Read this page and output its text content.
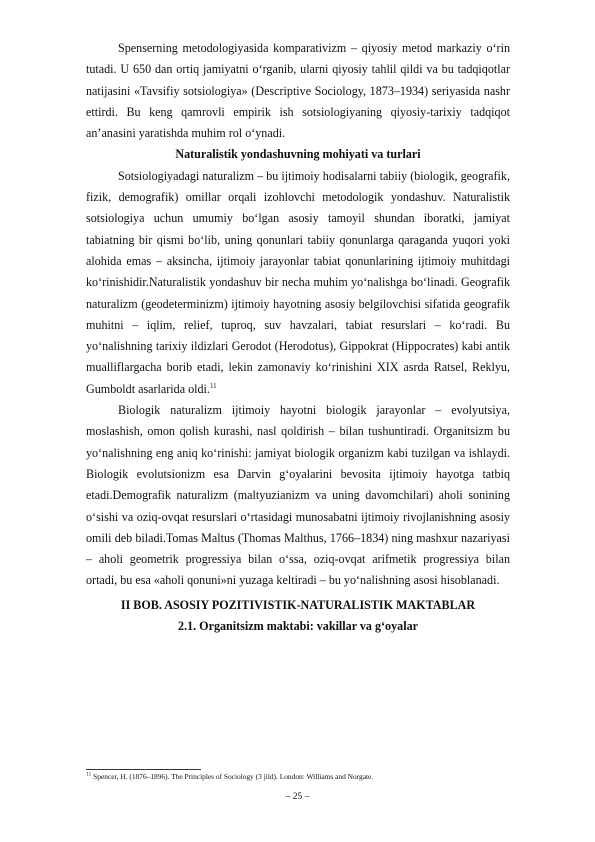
Spenserning metodologiyasida komparativizm – qiyosiy metod markaziy o‘rin tutadi. U 650 dan ortiq jamiyatni o‘rganib, ularni qiyosiy tahlil qildi va bu tadqiqotlar natijasini «Tavsifiy sotsiologiya» (Descriptive Sociology, 1873–1934) seriyasida nashr ettirdi. Bu keng qamrovli empirik ish sotsiologiyaning qiyosiy-tarixiy tadqiqot an’anasini yaratishda muhim rol o‘ynadi.

Naturalistik yondashuvning mohiyati va turlari

Sotsiologiyadagi naturalizm – bu ijtimoiy hodisalarni tabiiy (biologik, geografik, fizik, demografik) omillar orqali izohlovchi metodologik yondashuv. Naturalistik sotsiologiya uchun umumiy bo‘lgan asosiy tamoyil shundan iboratki, jamiyat tabiatning bir qismi bo‘lib, uning qonunlari tabiiy qonunlarga qaraganda yuqori yoki alohida emas – aksincha, ijtimoiy jarayonlar tabiat qonunlarining ijtimoiy muhitdagi ko‘rinishidir.Naturalistik yondashuv bir necha muhim yo‘nalishga bo‘linadi. Geografik naturalizm (geodeterminizm) ijtimoiy hayotning asosiy belgilovchisi sifatida geografik muhitni – iqlim, relief, tuproq, suv havzalari, tabiat resurslari – ko‘radi. Bu yo‘nalishning tarixiy ildizlari Gerodot (Herodotus), Gippokrat (Hippocrates) kabi antik mualliflargacha borib etadi, lekin zamonaviy ko‘rinishini XIX asrda Ratsel, Reklyu, Gumboldt asarlarida oldi.$^{11}$

Biologik naturalizm ijtimoiy hayotni biologik jarayonlar – evolyutsiya, moslashish, omon qolish kurashi, nasl qoldirish – bilan tushuntiradi. Organitsizm bu yo‘nalishning eng aniq ko‘rinishi: jamiyat biologik organizm kabi tuzilgan va ishlaydi. Biologik evolutsionizm esa Darvin g‘oyalarini bevosita ijtimoiy hayotga tatbiq etadi.Demografik naturalizm (maltyuzianizm va uning davomchilari) aholi sonining o‘sishi va oziq-ovqat resurslari o‘rtasidagi munosabatni ijtimoiy rivojlanishning asosiy omili deb biladi.Tomas Maltus (Thomas Malthus, 1766–1834) ning mashxur nazariyasi – aholi geometrik progressiya bilan o‘ssa, oziq-ovqat arifmetik progressiya bilan ortadi, bu esa «aholi qonuni»ni yuzaga keltiradi – bu yo‘nalishning asosi hisoblanadi.

II BOB. ASOSIY POZITIVISTIK-NATURALISTIK MAKTABLAR

2.1. Organitsizm maktabi: vakillar va g‘oyalar

$^{11}$ Spencer, H. (1876–1896). The Principles of Sociology (3 jild). London: Williams and Norgate.
– 25 –
